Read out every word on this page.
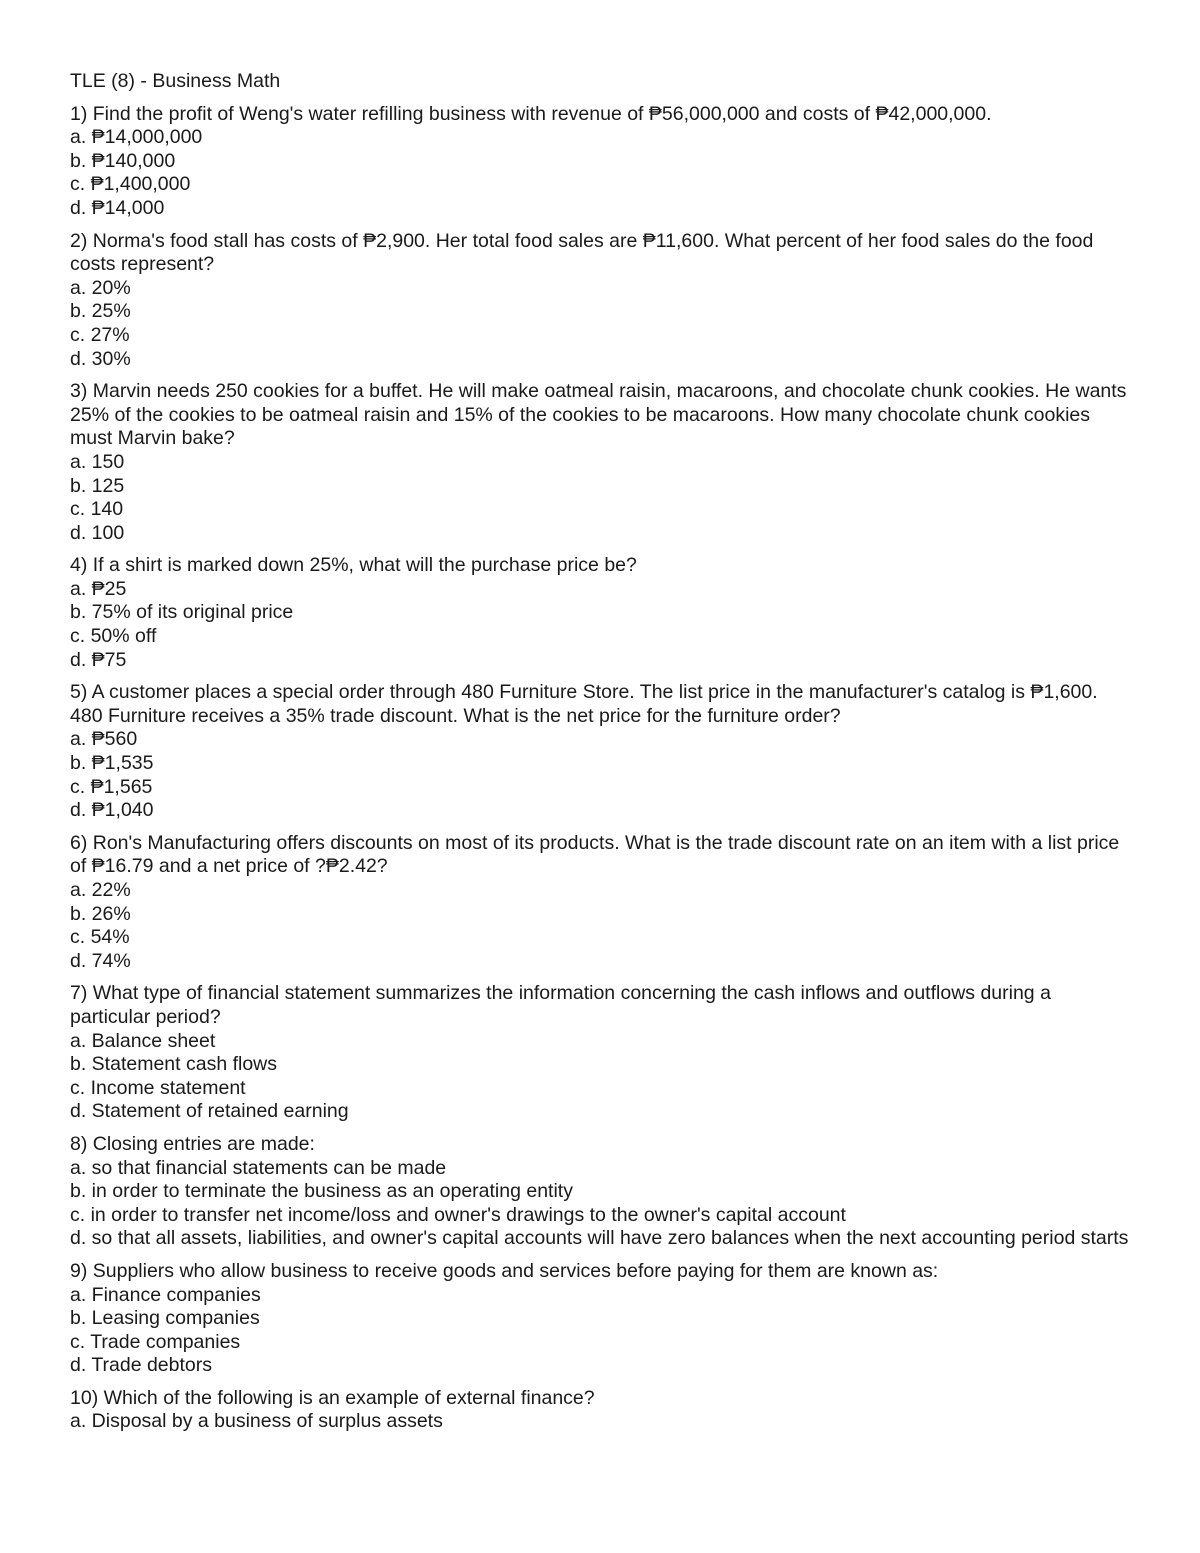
TLE (8) - Business Math
1) Find the profit of Weng's water refilling business with revenue of ₱56,000,000 and costs of ₱42,000,000.
a. ₱14,000,000
b. ₱140,000
c. ₱1,400,000
d. ₱14,000
2) Norma's food stall has costs of ₱2,900. Her total food sales are ₱11,600. What percent of her food sales do the food costs represent?
a. 20%
b. 25%
c. 27%
d. 30%
3) Marvin needs 250 cookies for a buffet. He will make oatmeal raisin, macaroons, and chocolate chunk cookies. He wants 25% of the cookies to be oatmeal raisin and 15% of the cookies to be macaroons. How many chocolate chunk cookies must Marvin bake?
a. 150
b. 125
c. 140
d. 100
4) If a shirt is marked down 25%, what will the purchase price be?
a. ₱25
b. 75% of its original price
c. 50% off
d. ₱75
5) A customer places a special order through 480 Furniture Store. The list price in the manufacturer's catalog is ₱1,600. 480 Furniture receives a 35% trade discount. What is the net price for the furniture order?
a. ₱560
b. ₱1,535
c. ₱1,565
d. ₱1,040
6) Ron's Manufacturing offers discounts on most of its products. What is the trade discount rate on an item with a list price of ₱16.79 and a net price of ?₱2.42?
a. 22%
b. 26%
c. 54%
d. 74%
7) What type of financial statement summarizes the information concerning the cash inflows and outflows during a particular period?
a. Balance sheet
b. Statement cash flows
c. Income statement
d. Statement of retained earning
8) Closing entries are made:
a. so that financial statements can be made
b. in order to terminate the business as an operating entity
c. in order to transfer net income/loss and owner's drawings to the owner's capital account
d. so that all assets, liabilities, and owner's capital accounts will have zero balances when the next accounting period starts
9) Suppliers who allow business to receive goods and services before paying for them are known as:
a. Finance companies
b. Leasing companies
c. Trade companies
d. Trade debtors
10) Which of the following is an example of external finance?
a. Disposal by a business of surplus assets
